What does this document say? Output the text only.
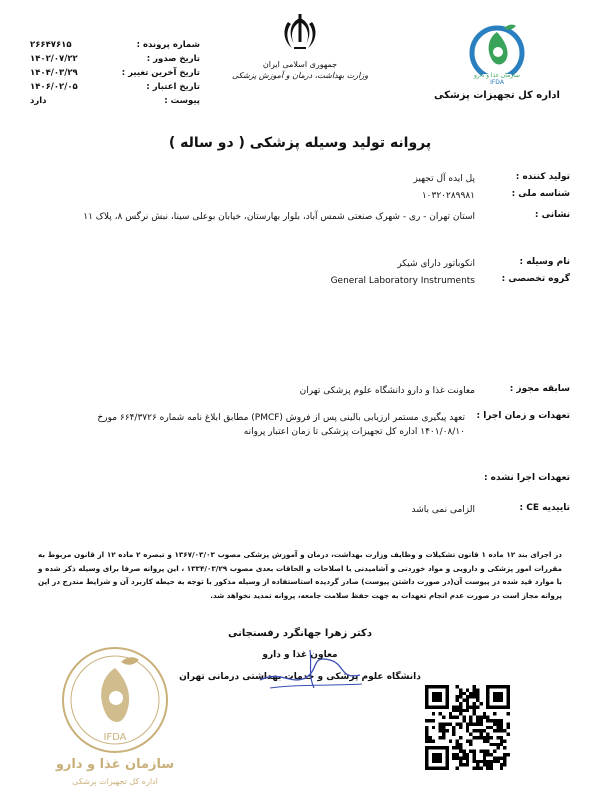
سازمان غذا و دارو
IFDA
اداره کل تجهیزات پزشکی
جمهوری اسلامی ایران
وزارت بهداشت، درمان و آموزش پزشکی
شماره پرونده :
۲۶۶۴۷۶۱۵
تاریخ صدور :
۱۴۰۲/۰۷/۲۲
تاریخ آخرین تغییر :
۱۴۰۴/۰۳/۲۹
تاریخ اعتبار :
۱۴۰۶/۰۲/۰۵
پیوست :
دارد
پروانه تولید وسیله پزشکی ( دو ساله )
تولید کننده :
پل ایده آل تجهیز
شناسه ملی :
۱۰۳۲۰۲۸۹۹۸۱
نشانی :
استان تهران - ری - شهرک صنعتی شمس آباد، بلوار بهارستان، خیابان بوعلی سینا، نبش نرگس ۸، پلاک ۱۱
نام وسیله :
انکوباتور دارای شیکر
گروه تخصصی :
General Laboratory Instruments
سابقه مجوز :
معاونت غذا و دارو دانشگاه علوم پزشکی تهران
تعهدات و زمان اجرا :
تعهد پیگیری مستمر ارزیابی بالینی پس از فروش (PMCF) مطابق ابلاغ نامه شماره ۶۶۴/۳۷۲۶ مورخ ۱۴۰۱/۰۸/۱۰ اداره کل تجهیزات پزشکی تا زمان اعتبار پروانه
تعهدات اجرا نشده :
تاییدیه CE :
الزامی نمی باشد
در اجرای بند ۱۲ ماده ۱ قانون تشکیلات و وظایف وزارت بهداشت، درمان و آموزش پزشکی مصوب ۱۳۶۷/۰۳/۰۳ و تبصره ۲ ماده ۱۲ از قانون مربوط به مقررات امور پزشکی و دارویی و مواد خوردنی و آشامیدنی با اصلاحات و الحاقات بعدی مصوب ۱۳۳۴/۰۳/۲۹ ، این پروانه صرفا برای وسیله ذکر شده و با موارد قید شده در پیوست آن(در صورت داشتن پیوست) صادر گردیده استاستفاده از وسیله مذکور با توجه به حیطه کاربرد آن و شرایط مندرج در این پروانه مجاز است در صورت عدم انجام تعهدات به جهت حفظ سلامت جامعه، پروانه تمدید نخواهد شد.
دکتر زهرا جهانگرد رفسنجانی
معاون غذا و دارو
دانشگاه علوم پزشکی و خدمات بهداشتی درمانی تهران
IFDA
سازمان غذا و دارو
اداره کل تجهیزات پزشکی
